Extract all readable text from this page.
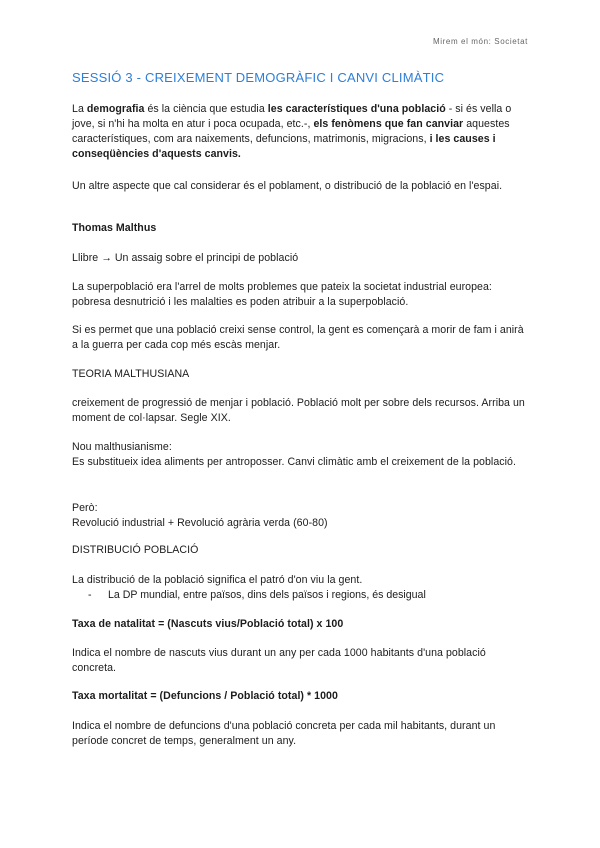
Mirem el món: Societat
SESSIÓ 3 - CREIXEMENT DEMOGRÀFIC I CANVI CLIMÀTIC
La demografia és la ciència que estudia les característiques d'una població - si és vella o jove, si n'hi ha molta en atur i poca ocupada, etc.-, els fenòmens que fan canviar aquestes característiques, com ara naixements, defuncions, matrimonis, migracions, i les causes i conseqüències d'aquests canvis.
Un altre aspecte que cal considerar és el poblament, o distribució de la població en l'espai.
Thomas Malthus
Llibre → Un assaig sobre el principi de població
La superpoblació era l'arrel de molts problemes que pateix la societat industrial europea: pobresa desnutrició i les malalties es poden atribuir a la superpoblació.
Si es permet que una població creixi sense control, la gent es començarà a morir de fam i anirà a la guerra per cada cop més escàs menjar.
TEORIA MALTHUSIANA
creixement de progressió de menjar i població. Població molt per sobre dels recursos. Arriba un moment de col·lapsar. Segle XIX.
Nou malthusianisme:
Es substitueix idea aliments per antroposser. Canvi climàtic amb el creixement de la població.
Però:
Revolució industrial + Revolució agrària verda (60-80)
DISTRIBUCIÓ POBLACIÓ
La distribució de la població significa el patró d'on viu la gent.
- La DP mundial, entre països, dins dels països i regions, és desigual
Taxa de natalitat = (Nascuts vius/Població total) x 100
Indica el nombre de nascuts vius durant un any per cada 1000 habitants d'una població concreta.
Taxa mortalitat = (Defuncions / Població total) * 1000
Indica el nombre de defuncions d'una població concreta per cada mil habitants, durant un període concret de temps, generalment un any.
